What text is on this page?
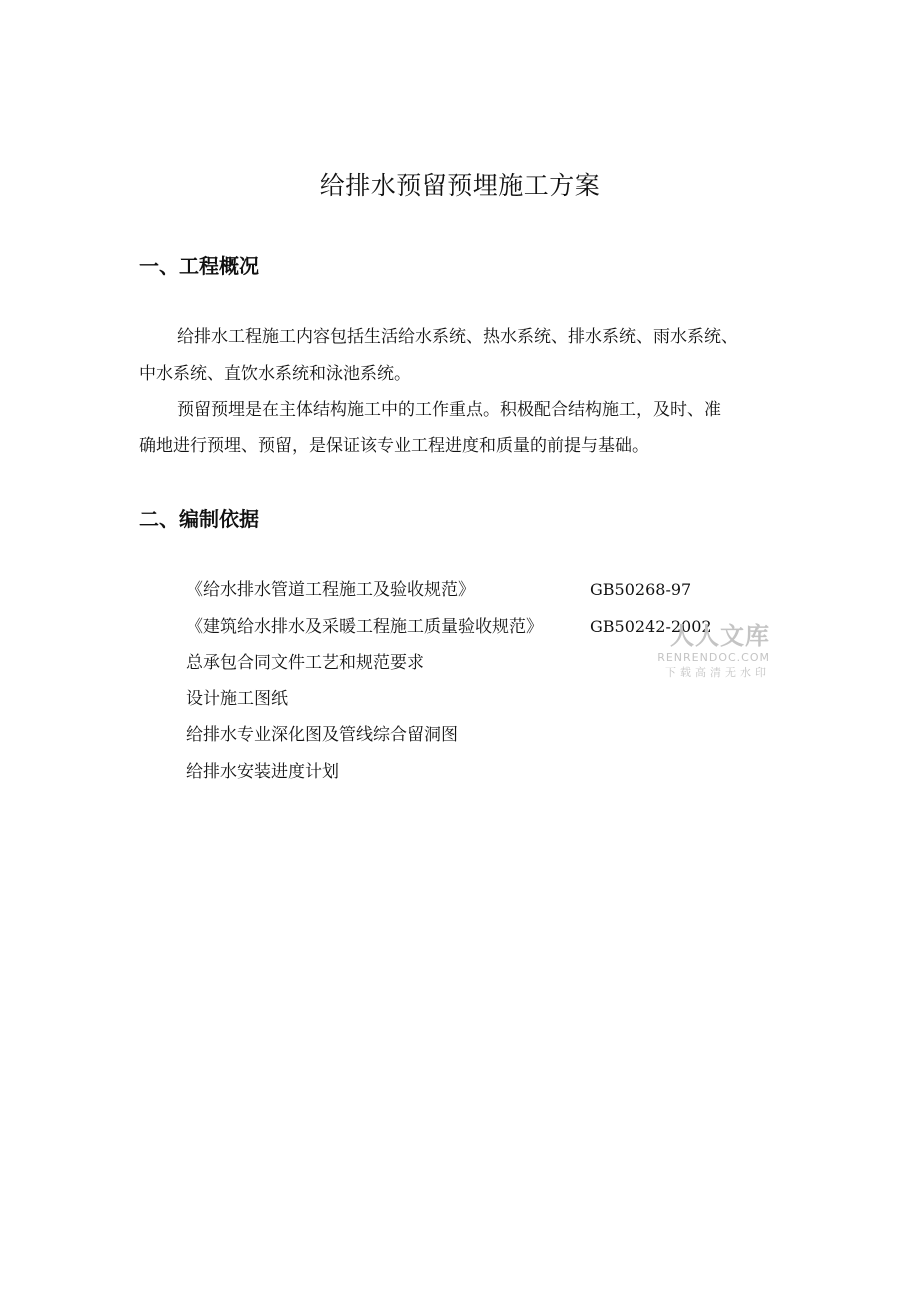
给排水预留预埋施工方案
一、工程概况
给排水工程施工内容包括生活给水系统、热水系统、排水系统、雨水系统、
中水系统、直饮水系统和泳池系统。
预留预埋是在主体结构施工中的工作重点。积极配合结构施工，及时、准
确地进行预埋、预留，是保证该专业工程进度和质量的前提与基础。
二、编制依据
《给水排水管道工程施工及验收规范》	GB50268-97
《建筑给水排水及采暖工程施工质量验收规范》	GB50242-2002
总承包合同文件工艺和规范要求
设计施工图纸
给排水专业深化图及管线综合留洞图
给排水安装进度计划
人人文库
RENRENDOC.COM
下载高清无水印
